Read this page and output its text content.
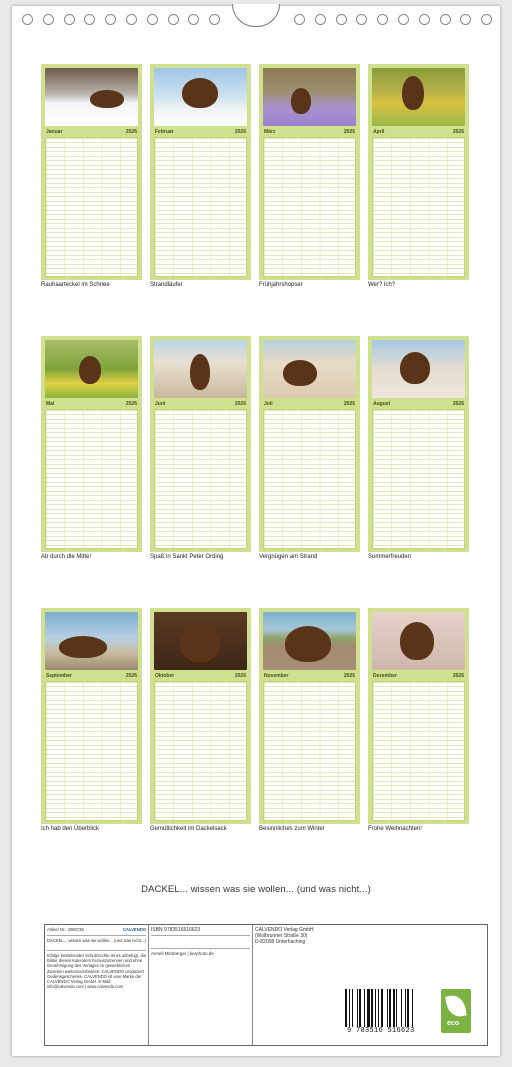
Januar	2026
Rauhaarteckel im Schnee
Februar	2026
Strandläufer
März	2026
Frühjahrshopser
April	2026
Wer? Ich?
Mai	2026
Ab durch die Mitte!
Juni	2026
Spaß in Sankt Peter Ording
Juli	2026
Vergnügen am Strand
August	2026
Sommerfreuden
September	2026
Ich hab den Überblick
Oktober	2026
Gemütlichkeit im Dackelsack
November	2026
Besinnliches zum Winter
Dezember	2026
Frohe Weihnachten!
DACKEL... wissen was sie wollen... (und was nicht...)
Artikel Nr.: 2086736	CALVENDO
DACKEL... wissen was sie wollen... (und was nicht...)
Infolge bestehender Schutzrechte ist es unbefugt, die Bilder dieses Kalenders herauszutrennen und ohne Genehmigung des Verlages zu gewerblichen Zwecken weiterzuverbreiten. CALVENDO produziert Gedenkgeschenke. CALVENDO ist eine Marke der CALVENDO Verlag GmbH. E-Mail: info@calvendo.com | www.calvendo.com
ISBN 9783516516623
Anneli Mirsberger | tierphoto.de
CALVENDO Verlag GmbH
(Wolbrunner Straße 30)
D-82008 Unterhaching
9 783516 516623
eco
